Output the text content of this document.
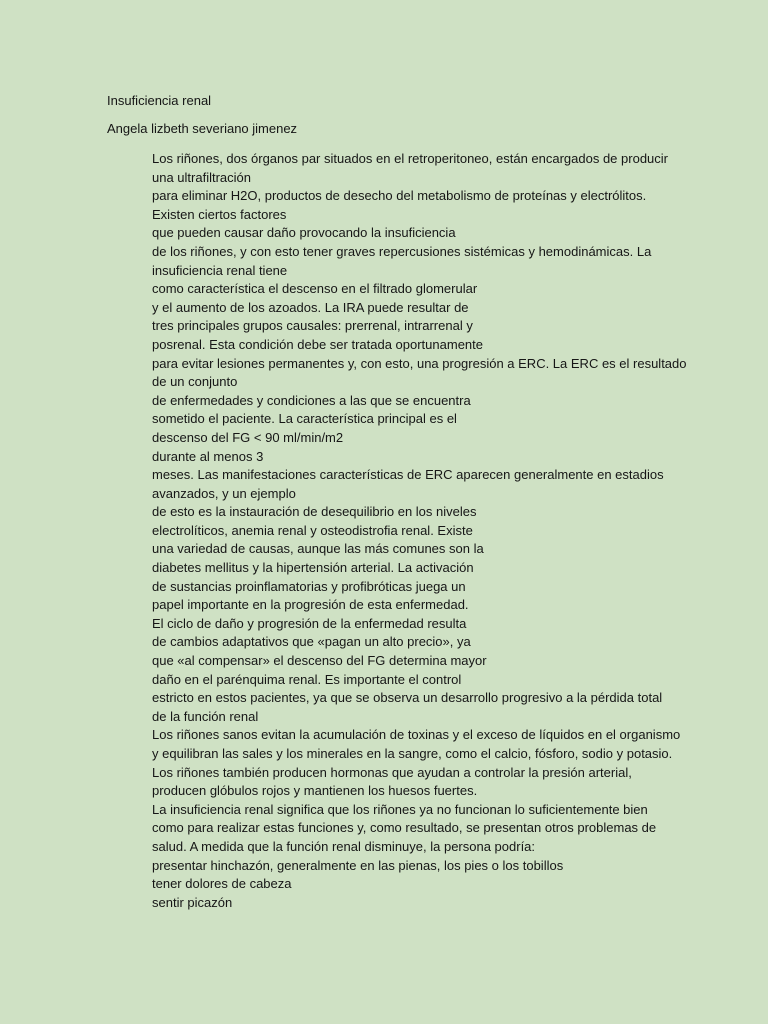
Insuficiencia renal

Angela lizbeth severiano jimenez

Los riñones, dos órganos par situados en el retroperitoneo, están encargados de producir
una ultrafiltración
para eliminar H2O, productos de desecho del metabolismo de proteínas y electrólitos.
Existen ciertos factores
que pueden causar daño provocando la insuficiencia
de los riñones, y con esto tener graves repercusiones sistémicas y hemodinámicas. La
insuficiencia renal tiene
como característica el descenso en el filtrado glomerular
y el aumento de los azoados. La IRA puede resultar de
tres principales grupos causales: prerrenal, intrarrenal y
posrenal. Esta condición debe ser tratada oportunamente
para evitar lesiones permanentes y, con esto, una progresión a ERC. La ERC es el resultado
de un conjunto
de enfermedades y condiciones a las que se encuentra
sometido el paciente. La característica principal es el
descenso del FG < 90 ml/min/m2
durante al menos 3
meses. Las manifestaciones características de ERC aparecen generalmente en estadios
avanzados, y un ejemplo
de esto es la instauración de desequilibrio en los niveles
electrolíticos, anemia renal y osteodistrofia renal. Existe
una variedad de causas, aunque las más comunes son la
diabetes mellitus y la hipertensión arterial. La activación
de sustancias proinflamatorias y profibróticas juega un
papel importante en la progresión de esta enfermedad.
El ciclo de daño y progresión de la enfermedad resulta
de cambios adaptativos que «pagan un alto precio», ya
que «al compensar» el descenso del FG determina mayor
daño en el parénquima renal. Es importante el control
estricto en estos pacientes, ya que se observa un desarrollo progresivo a la pérdida total
de la función renal
Los riñones sanos evitan la acumulación de toxinas y el exceso de líquidos en el organismo
y equilibran las sales y los minerales en la sangre, como el calcio, fósforo, sodio y potasio.
Los riñones también producen hormonas que ayudan a controlar la presión arterial,
producen glóbulos rojos y mantienen los huesos fuertes.
La insuficiencia renal significa que los riñones ya no funcionan lo suficientemente bien
como para realizar estas funciones y, como resultado, se presentan otros problemas de
salud. A medida que la función renal disminuye, la persona podría:
presentar hinchazón, generalmente en las pienas, los pies o los tobillos
tener dolores de cabeza
sentir picazón
